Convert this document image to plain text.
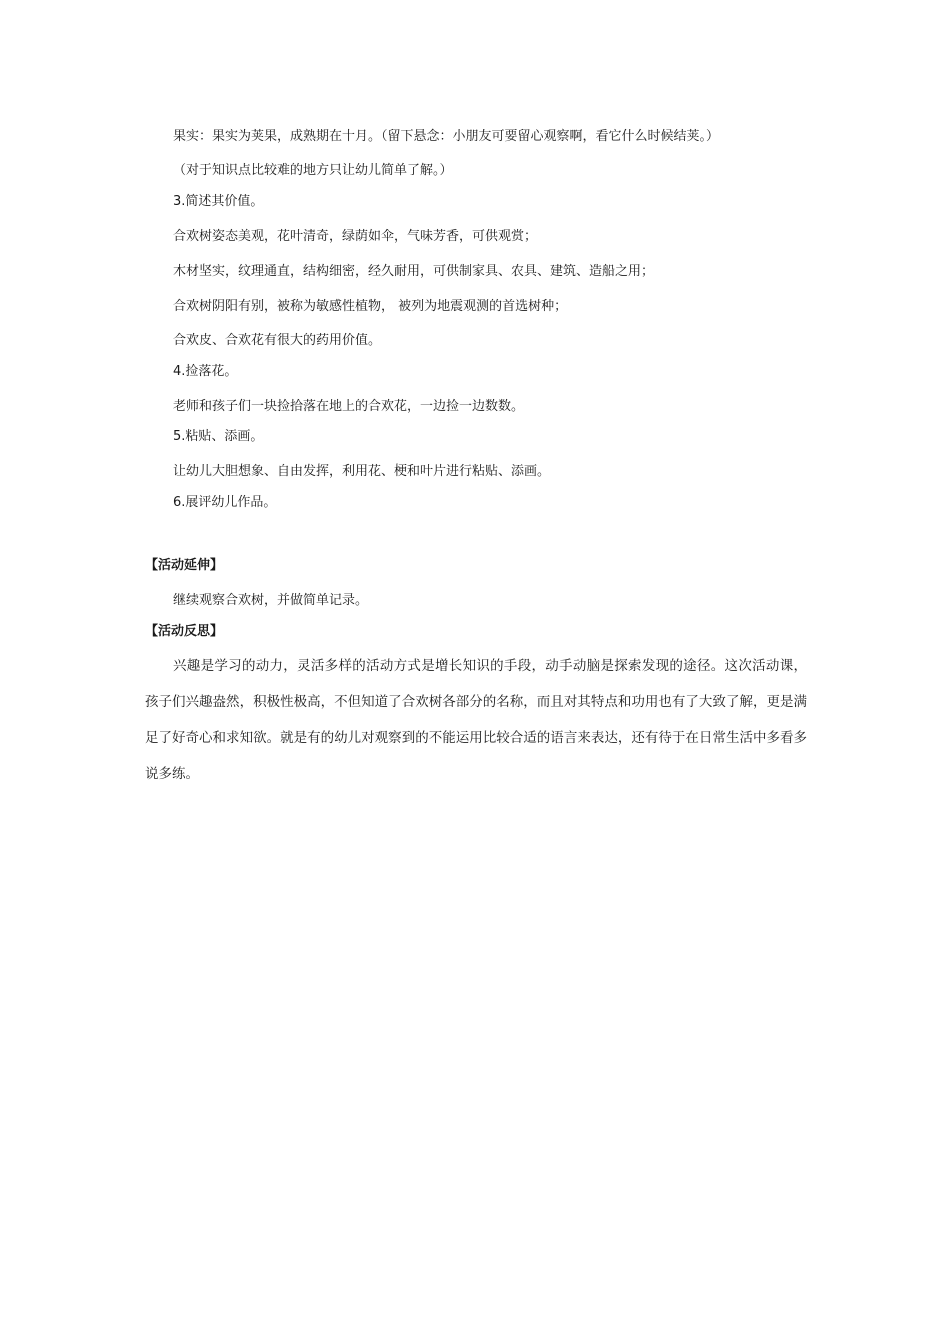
果实：果实为荚果，成熟期在十月。（留下悬念：小朋友可要留心观察啊，看它什么时候结荚。）
（对于知识点比较难的地方只让幼儿简单了解。）
3.简述其价值。
合欢树姿态美观，花叶清奇，绿荫如伞，气味芳香，可供观赏；
木材坚实，纹理通直，结构细密，经久耐用，可供制家具、农具、建筑、造船之用；
合欢树阴阳有别，被称为敏感性植物， 被列为地震观测的首选树种；
合欢皮、合欢花有很大的药用价值。
4.捡落花。
老师和孩子们一块捡拾落在地上的合欢花，一边捡一边数数。
5.粘贴、添画。
让幼儿大胆想象、自由发挥，利用花、梗和叶片进行粘贴、添画。
6.展评幼儿作品。
【活动延伸】
继续观察合欢树，并做简单记录。
【活动反思】

兴趣是学习的动力，灵活多样的活动方式是增长知识的手段，动手动脑是探索发现的途径。这次活动课，孩子们兴趣盎然，积极性极高，不但知道了合欢树各部分的名称，而且对其特点和功用也有了大致了解，更是满足了好奇心和求知欲。就是有的幼儿对观察到的不能运用比较合适的语言来表达，还有待于在日常生活中多看多说多练。
